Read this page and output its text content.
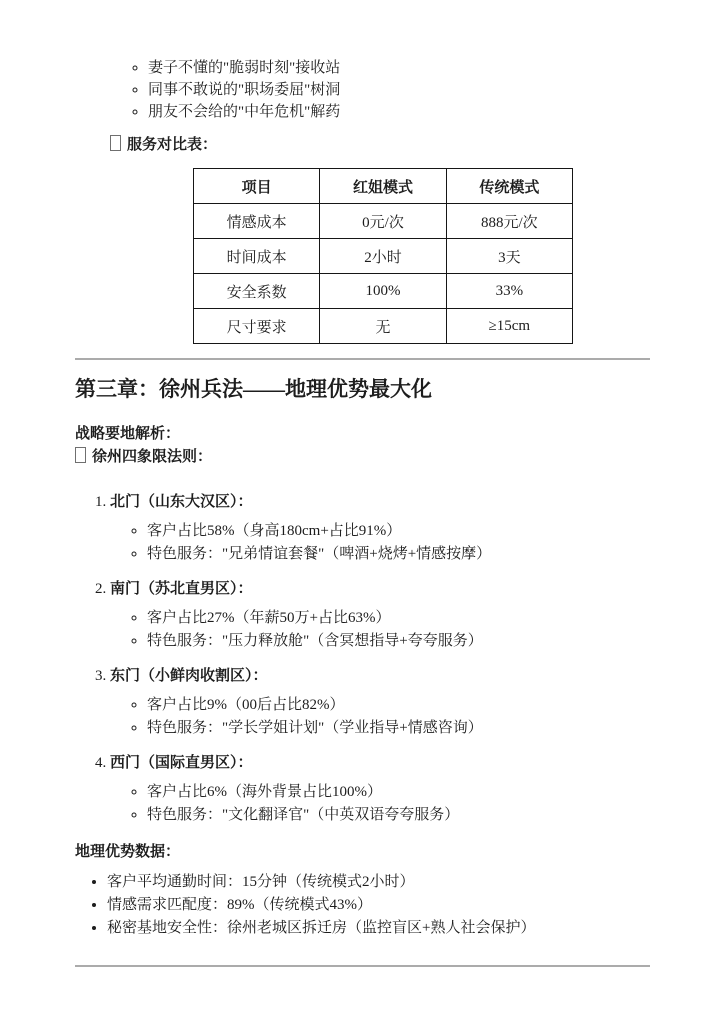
◦ 妻子不懂的"脆弱时刻"接收站
◦ 同事不敢说的"职场委屈"树洞
◦ 朋友不会给的"中年危机"解药

服务对比表：

项目	红姐模式	传统模式
情感成本	0元/次	888元/次
时间成本	2小时	3天
安全系数	100%	33%
尺寸要求	无	≥15cm
第三章：徐州兵法——地理优势最大化

战略要地解析：

徐州四象限法则：

1. 北门（山东大汉区）：

◦ 客户占比58%（身高180cm+占比91%）
◦ 特色服务："兄弟情谊套餐"（啤酒+烧烤+情感按摩）

2. 南门（苏北直男区）：

◦ 客户占比27%（年薪50万+占比63%）
◦ 特色服务："压力释放舱"（含冥想指导+夸夸服务）

3. 东门（小鲜肉收割区）：

◦ 客户占比9%（00后占比82%）
◦ 特色服务："学长学姐计划"（学业指导+情感咨询）

4. 西门（国际直男区）：

◦ 客户占比6%（海外背景占比100%）
◦ 特色服务："文化翻译官"（中英双语夸夸服务）

地理优势数据：

• 客户平均通勤时间：15分钟（传统模式2小时）
• 情感需求匹配度：89%（传统模式43%）
• 秘密基地安全性：徐州老城区拆迁房（监控盲区+熟人社会保护）
